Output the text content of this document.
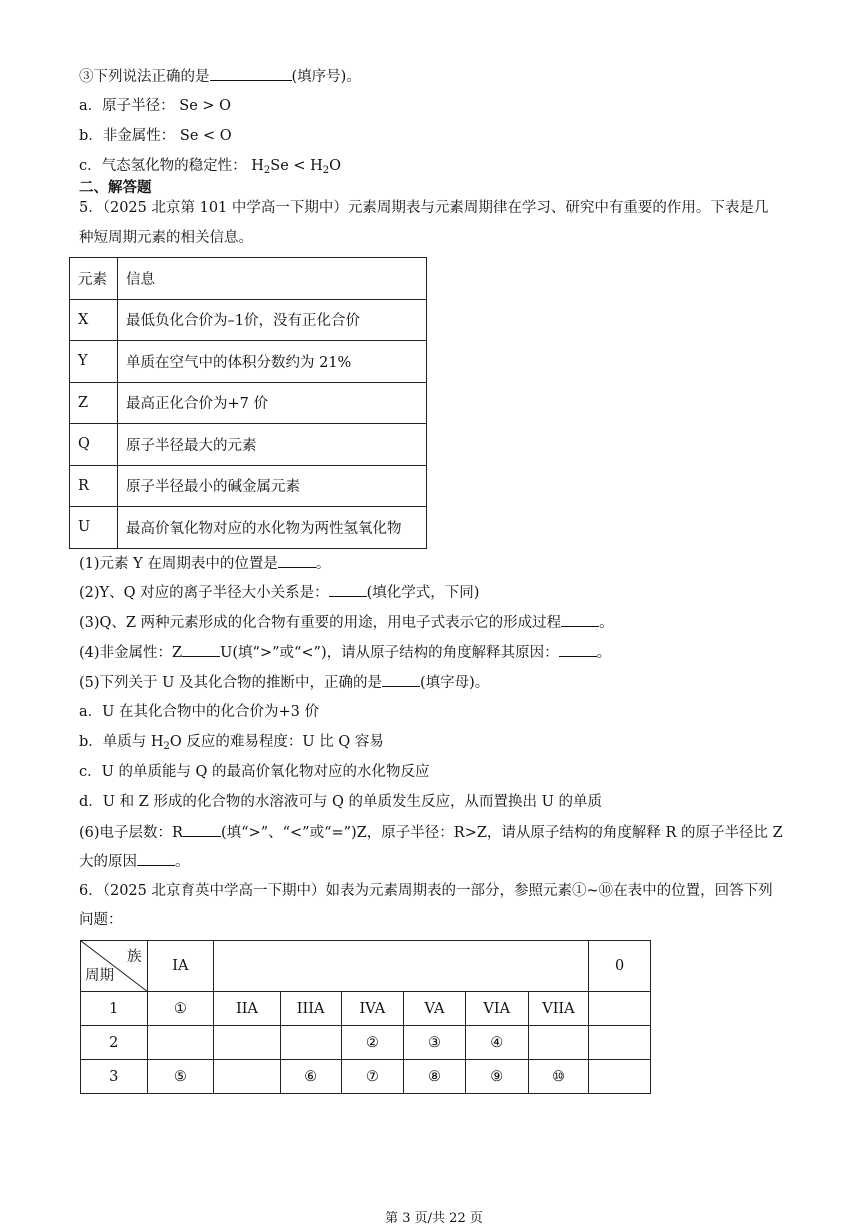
③下列说法正确的是	(填序号)。
a．原子半径： Se > O
b．非金属性： Se < O
c．气态氢化物的稳定性： $H_2Se < H_2O$
二、解答题
5．（2025 北京第 101 中学高一下期中）元素周期表与元素周期律在学习、研究中有重要的作用。下表是几
种短周期元素的相关信息。
元素	信息
X	最低负化合价为–1价，没有正化合价
Y	单质在空气中的体积分数约为 21%
Z	最高正化合价为+7 价
Q	原子半径最大的元素
R	原子半径最小的碱金属元素
U	最高价氧化物对应的水化物为两性氢氧化物
(1)元素 Y 在周期表中的位置是	。
(2)Y、Q 对应的离子半径大小关系是：	(填化学式，下同)
(3)Q、Z 两种元素形成的化合物有重要的用途，用电子式表示它的形成过程	。
(4)非金属性：Z	U(填“>”或“<”)，请从原子结构的角度解释其原因：	。
(5)下列关于 U 及其化合物的推断中，正确的是	(填字母)。
a．U 在其化合物中的化合价为+3 价
b．单质与 $H_2O$ 反应的难易程度：U 比 Q 容易
c．U 的单质能与 Q 的最高价氧化物对应的水化物反应
d．U 和 Z 形成的化合物的水溶液可与 Q 的单质发生反应，从而置换出 U 的单质
(6)电子层数：R	(填“>”、“<”或“=”)Z，原子半径：R>Z，请从原子结构的角度解释 R 的原子半径比 Z
大的原因	。
6．（2025 北京育英中学高一下期中）如表为元素周期表的一部分，参照元素①~⑩在表中的位置，回答下列
问题：
族
周期	IA							0
1	①	IIA	IIIA	IVA	VA	VIA	VIIA	
2				②	③	④		
3	⑤		⑥	⑦	⑧	⑨	⑩	
第 3 页/共 22 页
